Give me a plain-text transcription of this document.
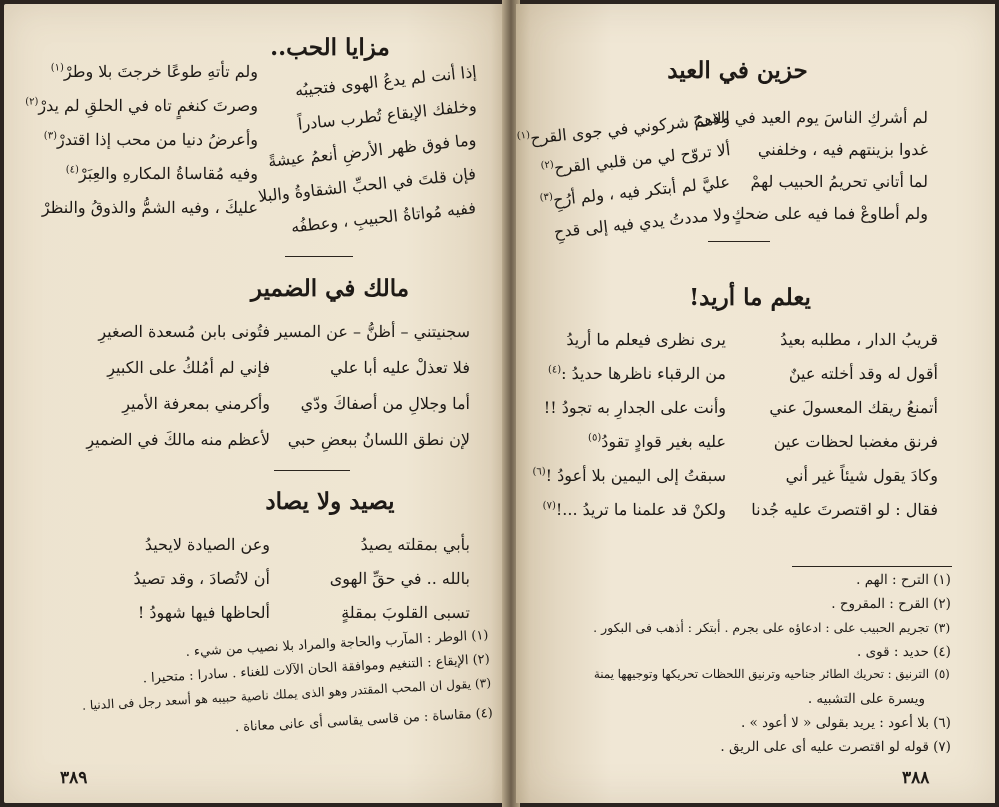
مزايا الحب..
إذا أنت لم يدعُ الهوى فتجيبُه
ولم تأتهِ طوعًا خرجتَ بلا وطرْ$^{(١)}$
وخلفك الإيقاع تُطرب سادراً
وصرتَ كنغمٍ تاه في الحلقِ لم يدرْ$^{(٢)}$
وما فوق ظهر الأرضِ أنعمُ عيشةً
وأعرضُ دنيا من محب إذا اقتدرْ$^{(٣)}$
فإن قلتَ في الحبِّ الشقاوةُ والبلا
وفيه مُقاساةُ المكارهِ والعِبَرْ$^{(٤)}$
ففيه مُواتاةُ الحبيبِ ، وعطفُه
عليكَ ، وفيه الشمُّ والذوقُ والنظرْ
مالك في الضمير
سجنيتني – أظنُّ – عن المسير
فتُونى بابن مُسعدة الصغيرِ
فلا تعذلْ عليه أبا علي
فإني لم أمُلكُ على الكبيرِ
أما وجلالِ من أصفاكَ ودّي
وأكرمني بمعرفة الأميرِ
لإن نطق اللسانُ ببعضِ حبي
لأعظم منه مالكَ في الضميرِ
يصيد ولا يصاد
بأبي بمقلته يصيدُ
وعن الصيادة لايحيدُ
بالله .. في حقِّ الهوى
أن لاتُصادَ ، وقد تصيدُ
تسبى القلوبَ بمقلةٍ
ألحاظها فيها شهودُ !
(١) الوطر : المآرب والحاجة والمراد بلا نصيب من شيء .
(٢) الإيقاع : التنغيم وموافقة الحان الآلات للغناء . سادرا : متحيرا .
(٣) يقول ان المحب المقتدر وهو الذى يملك ناصية حبيبه هو أسعد رجل فى الدنيا .
(٤) مقاساة : من قاسى يقاسى أى عانى معاناة .
٣٨٩
حزين في العيد
لم أشركِ الناسَ يوم العيد في الفرح
ولاهمُ شركوني في جوى القرح$^{(١)}$
غدوا بزينتهم فيه ، وخلفني
ألا تروّح لي من قلبي القرح$^{(٢)}$
لما أتاني تحريمُ الحبيب لهمْ
عليَّ لم أبتكر فيه ، ولم أرُحِ$^{(٣)}$
ولم أطاوعْ فما فيه على ضحكٍ
ولا مددتُ يدي فيه إلى قدحِ
يعلم ما أريد!
قريبُ الدار ، مطلبه بعيدُ
يرى نظرى فيعلم ما أريدُ
أقول له وقد أخلته عينٌ
من الرقباء ناظرها حديدُ :$^{(٤)}$
أتمنعُ ريقك المعسولَ عني
وأنت على الجدارِ به تجودُ !!
فرنق مغضبا لحظات عين
عليه بغير قوادٍ تقودُ$^{(٥)}$
وكادَ يقول شيئاً غير أني
سبقتُ إلى اليمين بلا أعودُ !$^{(٦)}$
فقال : لو اقتصرتَ عليه جُدنا
ولكنْ قد علمنا ما تريدُ ...!$^{(٧)}$
(١)الترح : الهم .
(٢)القرح : المقروح .
(٣)تجريم الحبيب على : ادعاؤه على بجرم . أبتكر : أذهب فى البكور .
(٤)حديد : قوى .
(٥)الترنيق : تحريك الطائر جناحيه وترنيق اللحظات تحريكها وتوجيهها يمنة
ويسرة على التشبيه .
(٦)بلا أعود : يريد بقولى « لا أعود » .
(٧)قوله لو اقتصرت عليه أى على الريق .
٣٨٨
